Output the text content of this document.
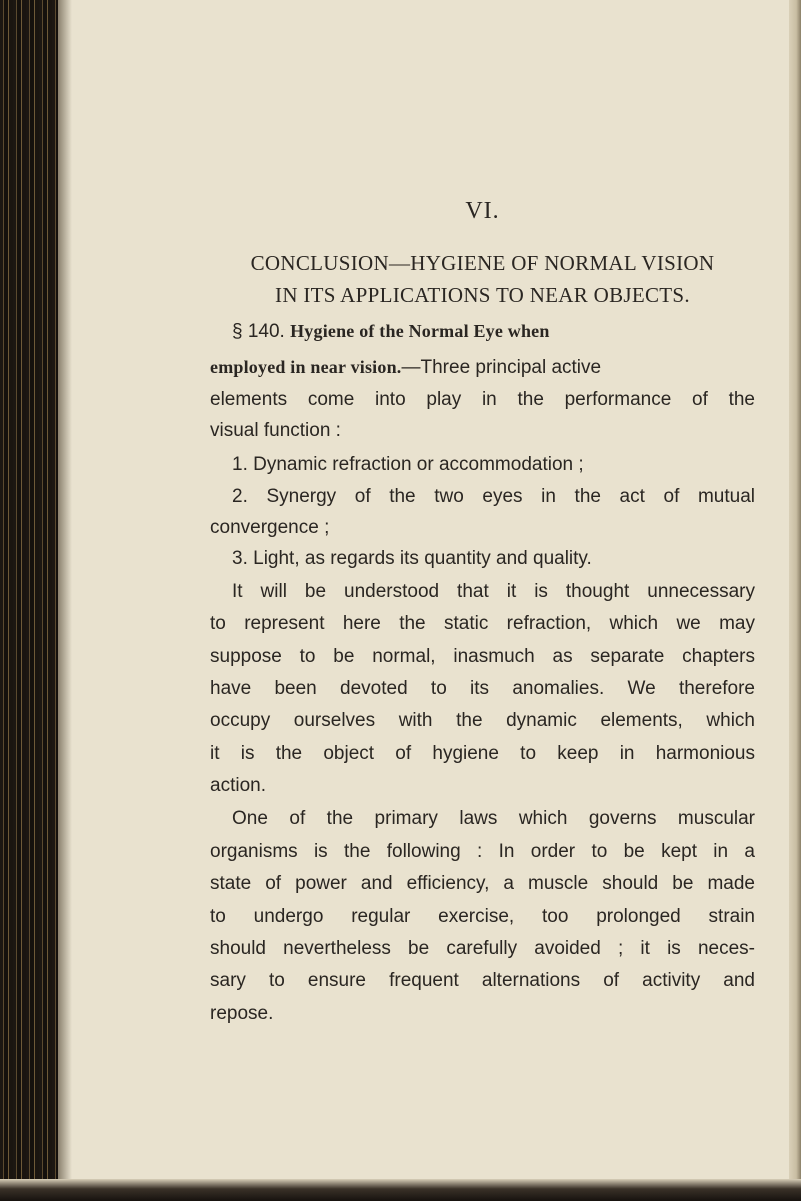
VI.
CONCLUSION—HYGIENE OF NORMAL VISION
IN ITS APPLICATIONS TO NEAR OBJECTS.
§ 140. Hygiene of the Normal Eye when
employed in near vision.—Three principal active
elements come into play in the performance of the
visual function :
1. Dynamic refraction or accommodation ;
2. Synergy of the two eyes in the act of mutual
convergence ;
3. Light, as regards its quantity and quality.
It will be understood that it is thought unnecessary
to represent here the static refraction, which we may
suppose to be normal, inasmuch as separate chapters
have been devoted to its anomalies. We therefore
occupy ourselves with the dynamic elements, which
it is the object of hygiene to keep in harmonious
action.
One of the primary laws which governs muscular
organisms is the following : In order to be kept in a
state of power and efficiency, a muscle should be made
to undergo regular exercise, too prolonged strain
should nevertheless be carefully avoided ; it is neces-
sary to ensure frequent alternations of activity and
repose.
